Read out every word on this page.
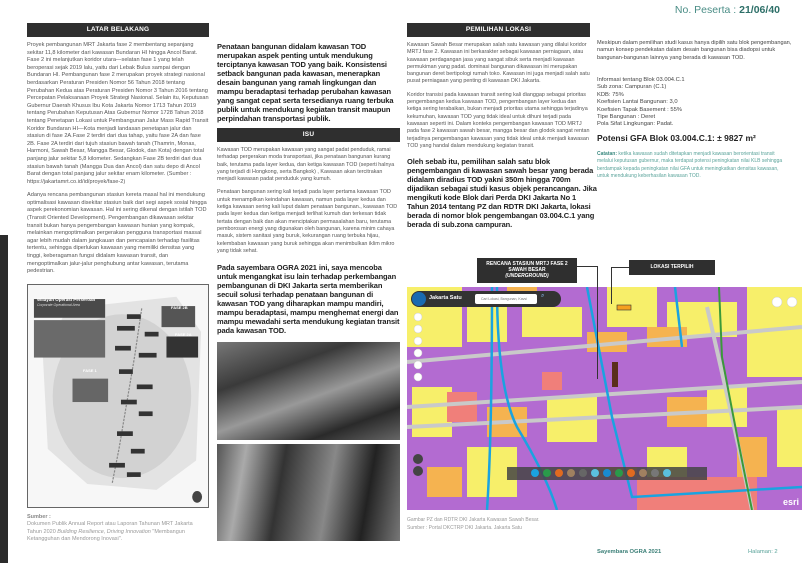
No. Peserta : 21/06/40
LATAR BELAKANG

Proyek pembangunan MRT Jakarta fase 2 membentang sepanjang sekitar 11,8 kilometer dari kawasan Bundaran HI hingga Ancol Barat. Fase 2 ini melanjutkan koridor utara—selatan fase 1 yang telah beroperasi sejak 2019 lalu, yaitu dari Lebak Bulus sampai dengan Bundaran HI. Pembangunan fase 2 merupakan proyek strategi nasional berdasarkan Peraturan Presiden Nomor 56 Tahun 2018 tentang Perubahan Kedua atas Peraturan Presiden Nomor 3 Tahun 2016 tentang Percepatan Pelaksanaan Proyek Strategi Nasional. Selain itu, Keputusan Gubernur Daerah Khusus Ibu Kota Jakarta Nomor 1713 Tahun 2019 tentang Perubahan Keputusan Atas Gubernur Nomor 1728 Tahun 2018 tentang Penetapan Lokasi untuk Pembangunan Jalur Mass Rapid Transit Koridor Bundaran HI—Kota menjadi landasan penetapan jalur dan stasiun di fase 2A.Fase 2 terdiri dari dua tahap, yaitu fase 2A dan fase 2B. Fase 2A terdiri dari tujuh stasiun bawah tanah (Thamrin, Monas, Harmoni, Sawah Besar, Mangga Besar, Glodok, dan Kota) dengan total panjang jalur sekitar 5,8 kilometer. Sedangkan Fase 2B terdiri dari dua stasiun bawah tanah (Mangga Dua dan Ancol) dan satu depo di Ancol Barat dengan total panjang jalur sekitar enam kilometer. (Sumber : https://jakartamrt.co.id/id/proyek/fase-2)

Adanya rencana pembangunan stasiun kereta masal hal ini mendukung optimalisasi kawasan disekitar stasiun baik dari segi aspek sosial hingga aspek perekonomian kawasan. Hal ini sering dikenal dengan istilah TOD (Transit Oriented Development). Pengembangan dikawasan sekitar transit bukan hanya pengembangan kawasan hunian yang kompak, melainkan mengoptimalkan pergerakan pengguna transportasi massal agar lebih mudah dalam jangkauan dan pencapaian terhadap fasilitas tertentu, sehingga diperlukan kawasan yang memiliki densitas yang tinggi, keberagaman fungsi didalam kawasan transit, dan mengoptimalkan jalur-jalur penghubung antar kawasan, terutama pedestrian.

Wilayah Operasi Perseroan
Corporate Operational Area	FASE 2B
FASE 2A
FASE 1
Sumber :
Dokumen Publik Annual Report atau Laporan Tahunan MRT Jakarta Tahun 2020 Building Resilience, Driving Innovation "Membangun Ketangguhan dan Mendorong Inovasi".
Penataan bangunan didalam kawasan TOD merupakan aspek penting untuk mendukung terciptanya kawasan TOD yang baik. Konsistensi setback bangunan pada kawasan, menerapkan desain bangunan yang ramah lingkungan dan mampu beradaptasi terhadap perubahan kawasan yang sangat cepat serta tersedianya ruang terbuka publik untuk mendukung kegiatan transit maupun perpindahan transportasi publik.
ISU

Kawasan TOD merupakan kawasan yang sangat padat penduduk, ramai terhadap pergerakan moda transportasi, jika penataan bangunan kurang baik, terutama pada layer kedua, dan ketiga kawasan TOD (seperti halnya yang terjadi di Hongkong, serta Bangkok) , Kawasan akan tercitrakan menjadi kawasan padat penduduk yang kumuh.

Penataan bangunan sering kali terjadi pada layer pertama kawasan TOD untuk menampilkan keindahan kawasan, namun pada layer kedua dan ketiga kawasan sering kali luput dalam penataan bangunan., kawasan TOD pada layer kedua dan ketiga menjadi terlihat kumuh dan terkesan tidak tertata dengan baik dan akan menciptakan permasalahan baru, terutama pemborosan energi yang digunakan oleh bangunan, karena minim cahaya masuk, sistem sanitasi yang buruk, kekurangan ruang terbuka hijau, kelembaban kawasan yang buruk sehingga akan menimbulkan iklim mikro yang tidak sehat.

Pada sayembara OGRA 2021 ini, saya mencoba untuk mengangkat isu lain terhadap perkembangan pembangunan di DKI Jakarta serta memberikan secuil solusi terhadap penataan bangunan di kawasan TOD yang diharapkan mampu mandiri, mampu beradaptasi, mampu menghemat energi dan mampu mewadahi serta mendukung kegiatan transit pada kawasan TOD.
PEMILIHAN LOKASI

Kawasan Sawah Besar merupakan salah satu kawasan yang dilalui koridor MRTJ fase 2. Kawasan ini berkarakter sebagai kawasan perniagaan, atau kawasan perdagangan jasa yang sangat sibuk serta menjadi kawasan permukiman yang padat. dominasi bangunan dikawasan ini merupakan bangunan deret bertipologi rumah toko. Kawasan ini juga menjadi salah satu pusat perniagaan yang penting di kawasan DKI Jakarta.

Koridor transisi pada kawasan transit sering kali dianggap sebagai prioritas pengembangan kedua kawasan TOD, pengembangan layer kedua dan ketiga sering terabaikan, bukan menjadi prioritas utama sehingga terjadinya kekumuhan, kawasan TOD yang tidak ideal untuk dihuni terjadi pada kawasan seperti ini. Dalam konteks pengembangan kawasan TOD MRTJ pada fase 2 kawasan sawah besar, mangga besar dan glodok sangat rentan terjadinya pengembangan kawasan yang tidak ideal untuk menjadi kawasan TOD yang handal dalam mendukung kegiatan transit.

Oleh sebab itu, pemilihan salah satu blok pengembangan di kawasan sawah besar yang berada didalam diradius TOD yakni 350m hingga 700m dijadikan sebagai studi kasus objek perancangan. Jika mengikuti kode Blok dari Perda DKI Jakarta No 1 Tahun 2014 tentang PZ dan RDTR DKI Jakarta, lokasi berada di nomor blok pengembangan 03.004.C.1 yang berada di sub.zona campuran.
RENCANA STASIUN MRTJ FASE 2
SAWAH BESAR
(UNDERGROUND)
LOKASI TERPILIH

Jakarta Satu
Cari Lokasi, Bangunan, Kavsi	⌕
esri
Gambar PZ dan RDTR DKI Jakarta Kawasan Sawah Besar.
Sumber : Portal DKCTRP DKI Jakarta. Jakarta Satu
Meskipun dalam pemilihan studi kasus hanya dipilih satu blok pengembangan, namun konsep pendekatan dalam desain bangunan bisa diadopsi untuk bangunan-bangunan lainnya yang berada di kawasan TOD.
Informasi tentang Blok 03.004.C.1
Sub zona: Campuran (C.1)
KDB: 75%
Koefisien Lantai Bangunan: 3,0
Koefisien Tapak Basement : 55%
Tipe Bangunan : Deret
Pola Sifat Lingkungan: Padat.
Potensi GFA Blok 03.004.C.1: ± 9827 m²
Catatan: ketika kawasan sudah ditetapkan menjadi kawasan berorientasi transit melalui keputusan gubernur, maka terdapat potensi peningkatan nilai KLB sehingga berdampak kepada peningkatan nilai GFA untuk meningkatkan densitas kawasan, untuk mendukung keberhasilan kawasan TOD.
Sayembara OGRA 2021	Halaman: 2
